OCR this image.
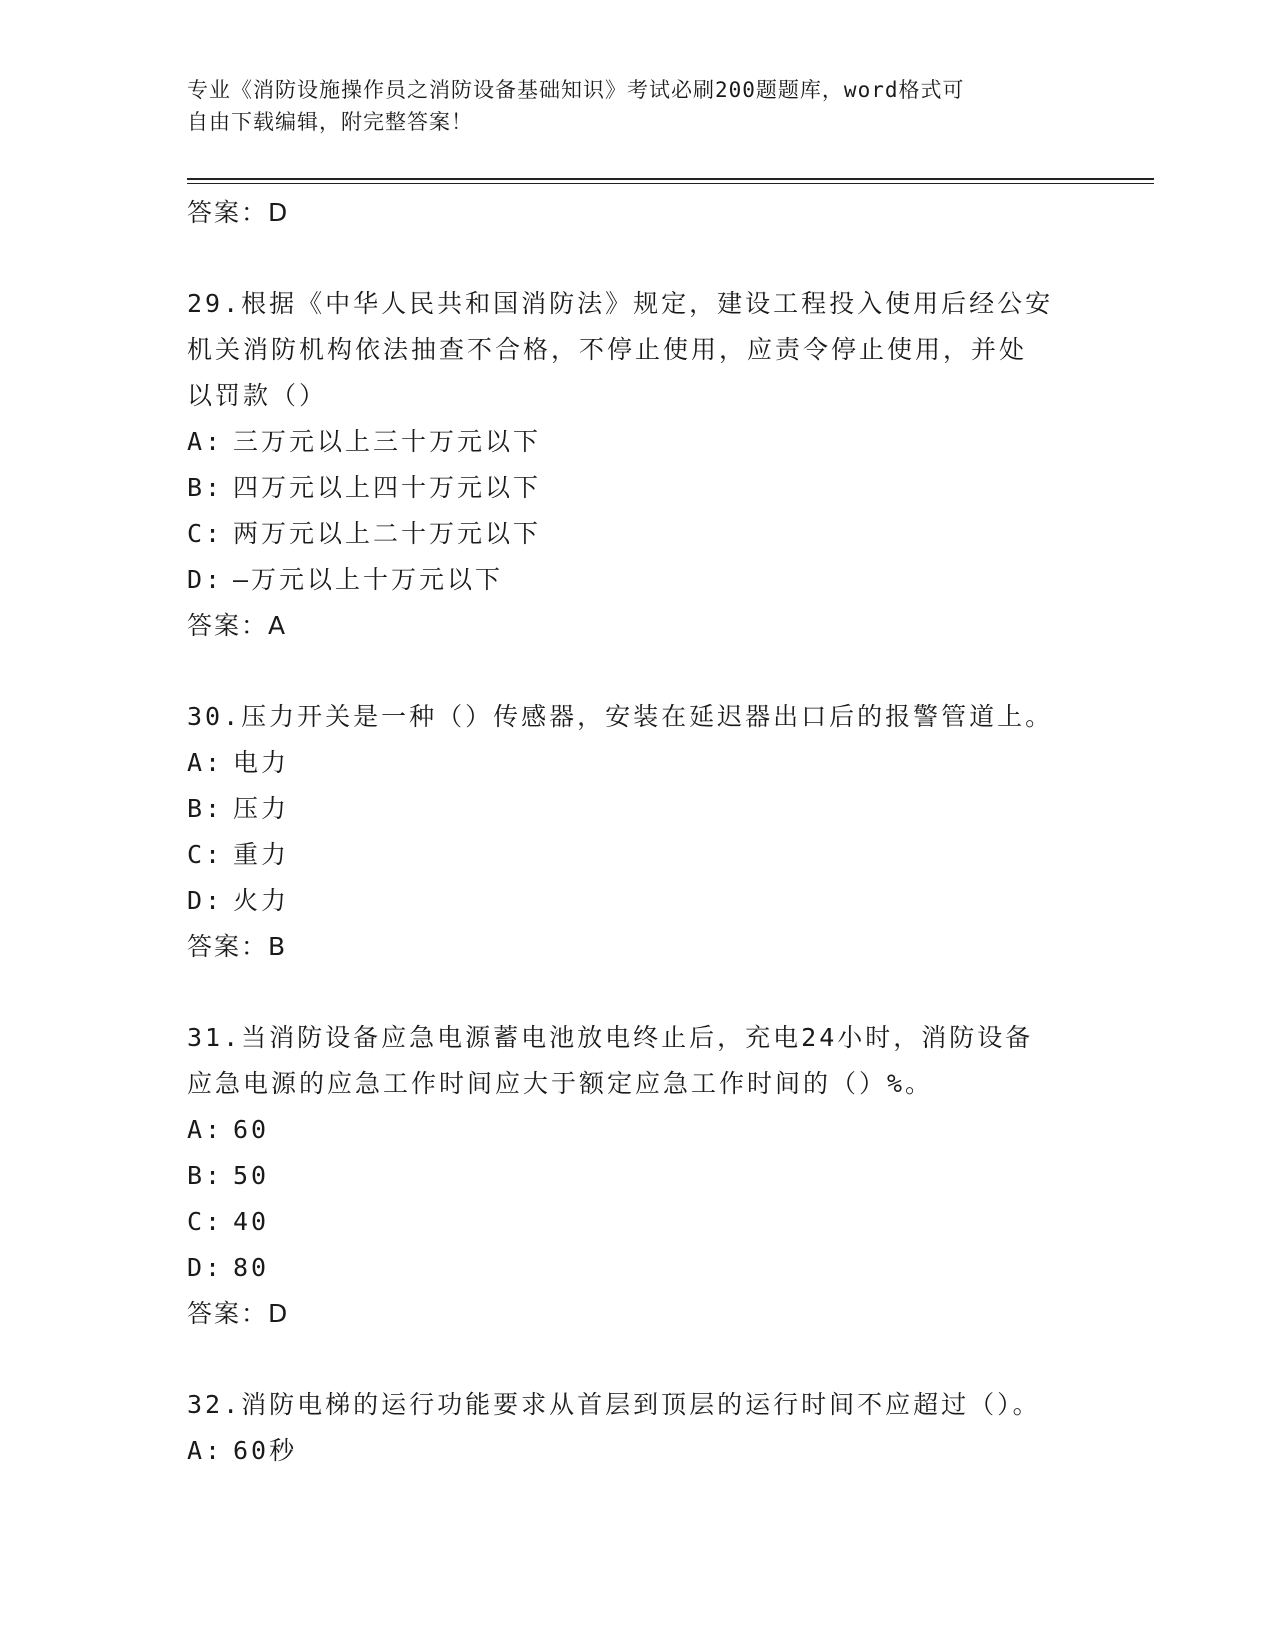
专业《消防设施操作员之消防设备基础知识》考试必刷200题题库，word格式可
自由下载编辑，附完整答案！

答案：D

29.根据《中华人民共和国消防法》规定，建设工程投入使用后经公安

机关消防机构依法抽查不合格，不停止使用，应责令停止使用，并处

以罚款（）

A: 三万元以上三十万元以下

B: 四万元以上四十万元以下

C: 两万元以上二十万元以下

D: —万元以上十万元以下

答案：A

30.压力开关是一种（）传感器，安装在延迟器出口后的报警管道上。

A: 电力

B: 压力

C: 重力

D: 火力

答案：B

31.当消防设备应急电源蓄电池放电终止后，充电24小时，消防设备

应急电源的应急工作时间应大于额定应急工作时间的（）%。

A: 60

B: 50

C: 40

D: 80

答案：D

32.消防电梯的运行功能要求从首层到顶层的运行时间不应超过（）。

A: 60秒
